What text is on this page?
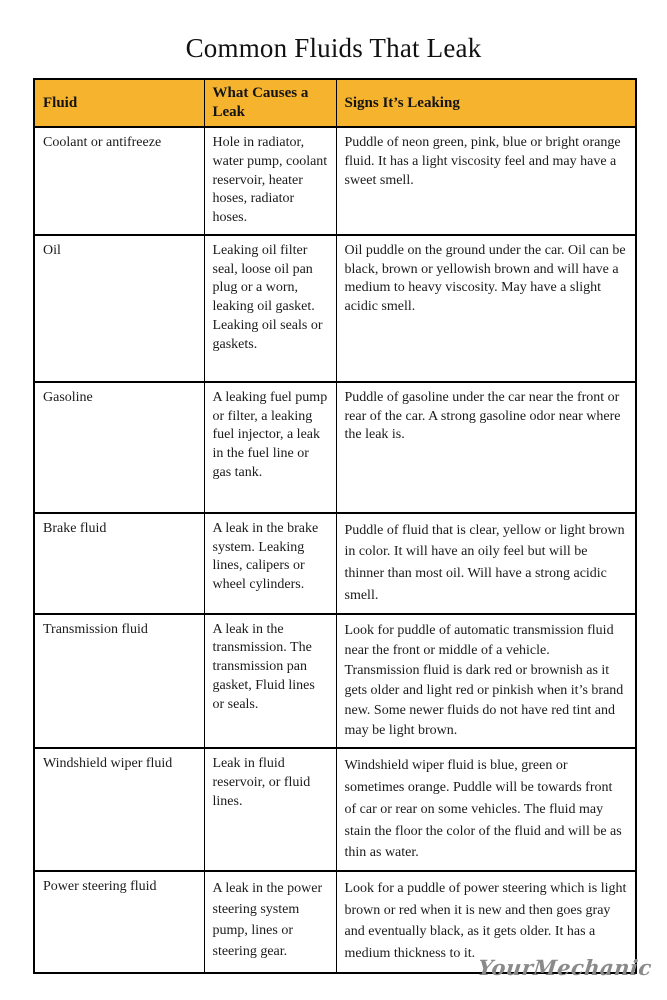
Common Fluids That Leak
Fluid	What Causes a Leak	Signs It’s Leaking
Coolant or antifreeze	Hole in radiator, water pump, coolant reservoir, heater hoses, radiator hoses.	Puddle of neon green, pink, blue or bright orange fluid. It has a light viscosity feel and may have a sweet smell.
Oil	Leaking oil filter seal, loose oil pan plug or a worn, leaking oil gasket. Leaking oil seals or gaskets.	Oil puddle on the ground under the car. Oil can be black, brown or yellowish brown and will have a medium to heavy viscosity. May have a slight acidic smell.
Gasoline	A leaking fuel pump or filter, a leaking fuel injector, a leak in the fuel line or gas tank.	Puddle of gasoline under the car near the front or rear of the car. A strong gasoline odor near where the leak is.
Brake fluid	A leak in the brake system. Leaking lines, calipers or wheel cylinders.	Puddle of fluid that is clear, yellow or light brown in color. It will have an oily feel but will be thinner than most oil. Will have a strong acidic smell.
Transmission fluid	A leak in the transmission. The transmission pan gasket, Fluid lines or seals.	Look for puddle of automatic transmission fluid near the front or middle of a vehicle. Transmission fluid is dark red or brownish as it gets older and light red or pinkish when it’s brand new. Some newer fluids do not have red tint and may be light brown.
Windshield wiper fluid	Leak in fluid reservoir, or fluid lines.	Windshield wiper fluid is blue, green or sometimes orange. Puddle will be towards front of car or rear on some vehicles. The fluid may stain the floor the color of the fluid and will be as thin as water.
Power steering fluid	A leak in the power steering system pump, lines or steering gear.	Look for a puddle of power steering which is light brown or red when it is new and then goes gray and eventually black, as it gets older. It has a medium thickness to it.
YourMechanic
